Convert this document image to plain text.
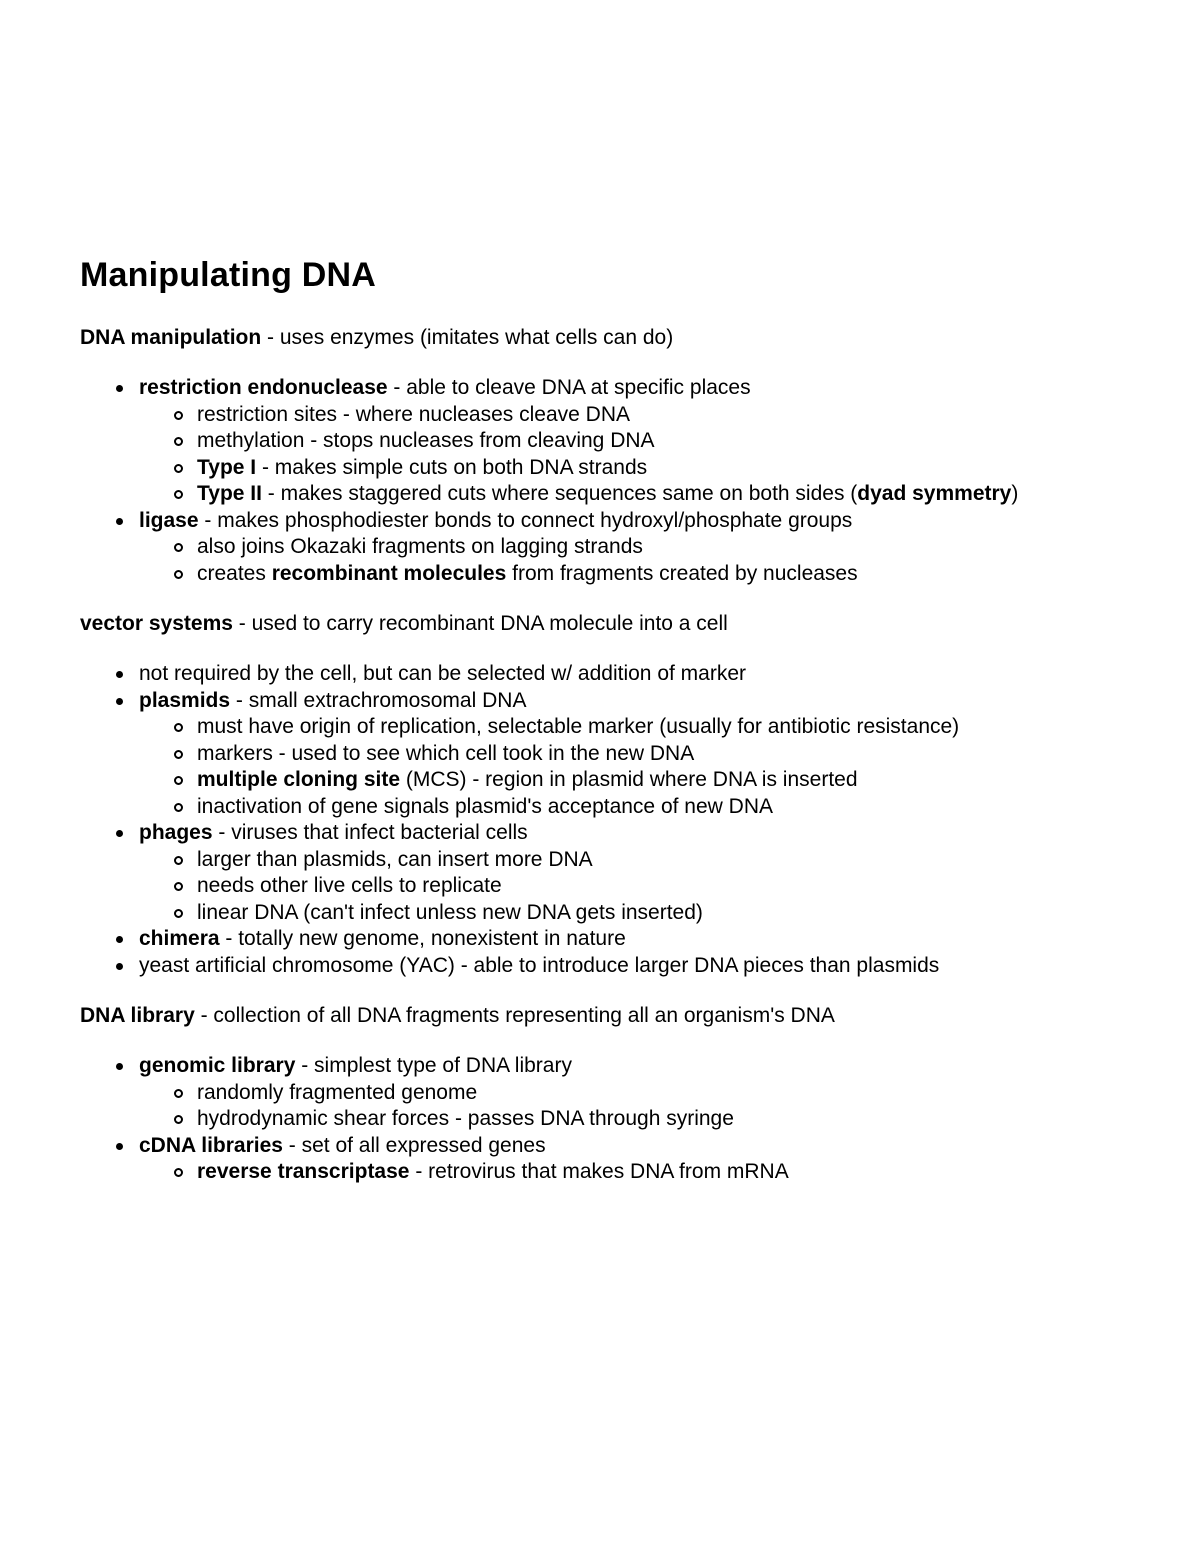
Manipulating DNA

DNA manipulation - uses enzymes (imitates what cells can do)

restriction endonuclease - able to cleave DNA at specific places
restriction sites - where nucleases cleave DNA
methylation - stops nucleases from cleaving DNA
Type I - makes simple cuts on both DNA strands
Type II - makes staggered cuts where sequences same on both sides (dyad symmetry)
ligase - makes phosphodiester bonds to connect hydroxyl/phosphate groups
also joins Okazaki fragments on lagging strands
creates recombinant molecules from fragments created by nucleases

vector systems - used to carry recombinant DNA molecule into a cell

not required by the cell, but can be selected w/ addition of marker
plasmids - small extrachromosomal DNA
must have origin of replication, selectable marker (usually for antibiotic resistance)
markers - used to see which cell took in the new DNA
multiple cloning site (MCS) - region in plasmid where DNA is inserted
inactivation of gene signals plasmid's acceptance of new DNA
phages - viruses that infect bacterial cells
larger than plasmids, can insert more DNA
needs other live cells to replicate
linear DNA (can't infect unless new DNA gets inserted)
chimera - totally new genome, nonexistent in nature
yeast artificial chromosome (YAC) - able to introduce larger DNA pieces than plasmids

DNA library - collection of all DNA fragments representing all an organism's DNA

genomic library - simplest type of DNA library
randomly fragmented genome
hydrodynamic shear forces - passes DNA through syringe
cDNA libraries - set of all expressed genes
reverse transcriptase - retrovirus that makes DNA from mRNA
